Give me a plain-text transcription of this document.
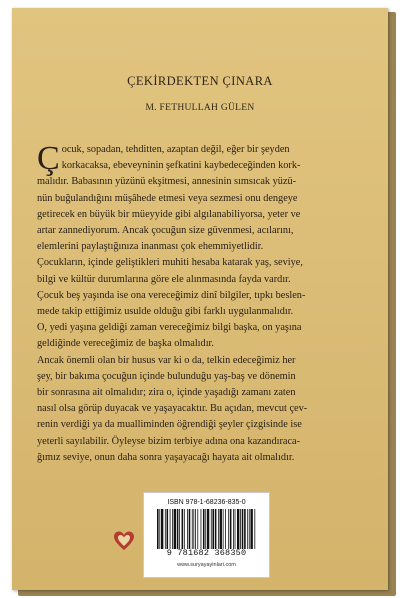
ÇEKİRDEKTEN ÇINARA

M. FETHULLAH GÜLEN

Ç ocuk, sopadan, tehditten, azaptan değil, eğer bir şeyden

korkacaksa, ebeveyninin şefkatini kaybedeceğinden kork-

malıdır. Babasının yüzünü ekşitmesi, annesinin sımsıcak yüzü-

nün buğulandığını müşâhede etmesi veya sezmesi onu dengeye

getirecek en büyük bir müeyyide gibi algılanabiliyorsa, yeter ve

artar zannediyorum. Ancak çocuğun size güvenmesi, acılarını,

elemlerini paylaştığınıza inanması çok ehemmiyetlidir.

Çocukların, içinde geliştikleri muhiti hesaba katarak yaş, seviye,

bilgi ve kültür durumlarına göre ele alınmasında fayda vardır.

Çocuk beş yaşında ise ona vereceğimiz dinî bilgiler, tıpkı beslen-

mede takip ettiğimiz usulde olduğu gibi farklı uygulanmalıdır.

O, yedi yaşına geldiği zaman vereceğimiz bilgi başka, on yaşına

geldiğinde vereceğimiz de başka olmalıdır.

Ancak önemli olan bir husus var ki o da, telkin edeceğimiz her

şey, bir bakıma çocuğun içinde bulunduğu yaş-baş ve dönemin

bir sonrasına ait olmalıdır; zira o, içinde yaşadığı zamanı zaten

nasıl olsa görüp duyacak ve yaşayacaktır. Bu açıdan, mevcut çev-

renin verdiği ya da mualliminden öğrendiği şeyler çizgisinde ise

yeterli sayılabilir. Öyleyse bizim terbiye adına ona kazandıraca-

ğımız seviye, onun daha sonra yaşayacağı hayata ait olmalıdır.

ISBN 978-1-68236-835-0
9 781682 368350
www.suryayayinlari.com
